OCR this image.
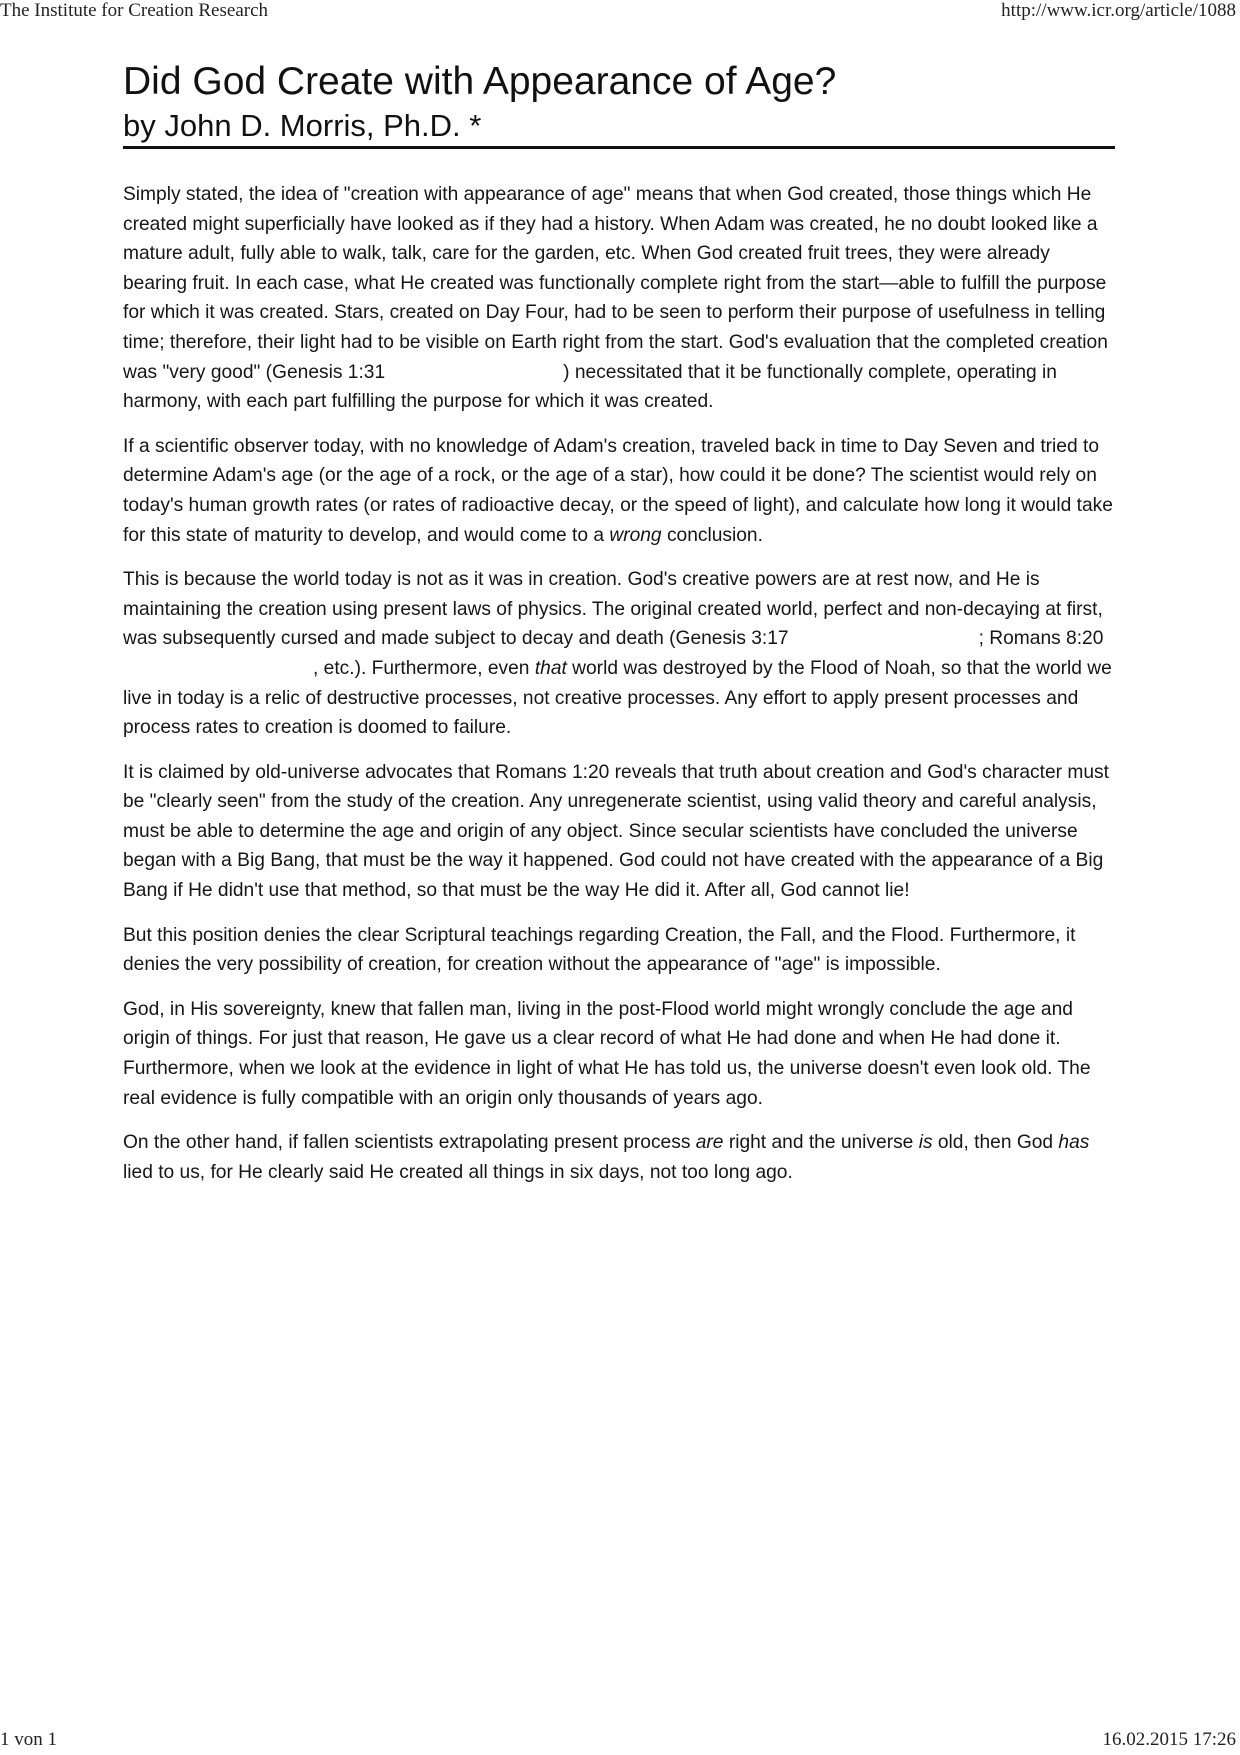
The Institute for Creation Research	http://www.icr.org/article/1088
Did God Create with Appearance of Age?
by John D. Morris, Ph.D. *

Simply stated, the idea of "creation with appearance of age" means that when God created, those things which He created might superficially have looked as if they had a history. When Adam was created, he no doubt looked like a mature adult, fully able to walk, talk, care for the garden, etc. When God created fruit trees, they were already bearing fruit. In each case, what He created was functionally complete right from the start—able to fulfill the purpose for which it was created. Stars, created on Day Four, had to be seen to perform their purpose of usefulness in telling time; therefore, their light had to be visible on Earth right from the start. God's evaluation that the completed creation was "very good" (Genesis 1:31	) necessitated that it be functionally complete, operating in harmony, with each part fulfilling the purpose for which it was created.

If a scientific observer today, with no knowledge of Adam's creation, traveled back in time to Day Seven and tried to determine Adam's age (or the age of a rock, or the age of a star), how could it be done? The scientist would rely on today's human growth rates (or rates of radioactive decay, or the speed of light), and calculate how long it would take for this state of maturity to develop, and would come to a wrong conclusion.

This is because the world today is not as it was in creation. God's creative powers are at rest now, and He is maintaining the creation using present laws of physics. The original created world, perfect and non-decaying at first, was subsequently cursed and made subject to decay and death (Genesis 3:17	; Romans 8:20, etc.). Furthermore, even that world was destroyed by the Flood of Noah, so that the world we live in today is a relic of destructive processes, not creative processes. Any effort to apply present processes and process rates to creation is doomed to failure.

It is claimed by old-universe advocates that Romans 1:20 reveals that truth about creation and God's character must be "clearly seen" from the study of the creation. Any unregenerate scientist, using valid theory and careful analysis, must be able to determine the age and origin of any object. Since secular scientists have concluded the universe began with a Big Bang, that must be the way it happened. God could not have created with the appearance of a Big Bang if He didn't use that method, so that must be the way He did it. After all, God cannot lie!

But this position denies the clear Scriptural teachings regarding Creation, the Fall, and the Flood. Furthermore, it denies the very possibility of creation, for creation without the appearance of "age" is impossible.

God, in His sovereignty, knew that fallen man, living in the post-Flood world might wrongly conclude the age and origin of things. For just that reason, He gave us a clear record of what He had done and when He had done it. Furthermore, when we look at the evidence in light of what He has told us, the universe doesn't even look old. The real evidence is fully compatible with an origin only thousands of years ago.

On the other hand, if fallen scientists extrapolating present process are right and the universe is old, then God has lied to us, for He clearly said He created all things in six days, not too long ago.

1 von 1	16.02.2015 17:26
